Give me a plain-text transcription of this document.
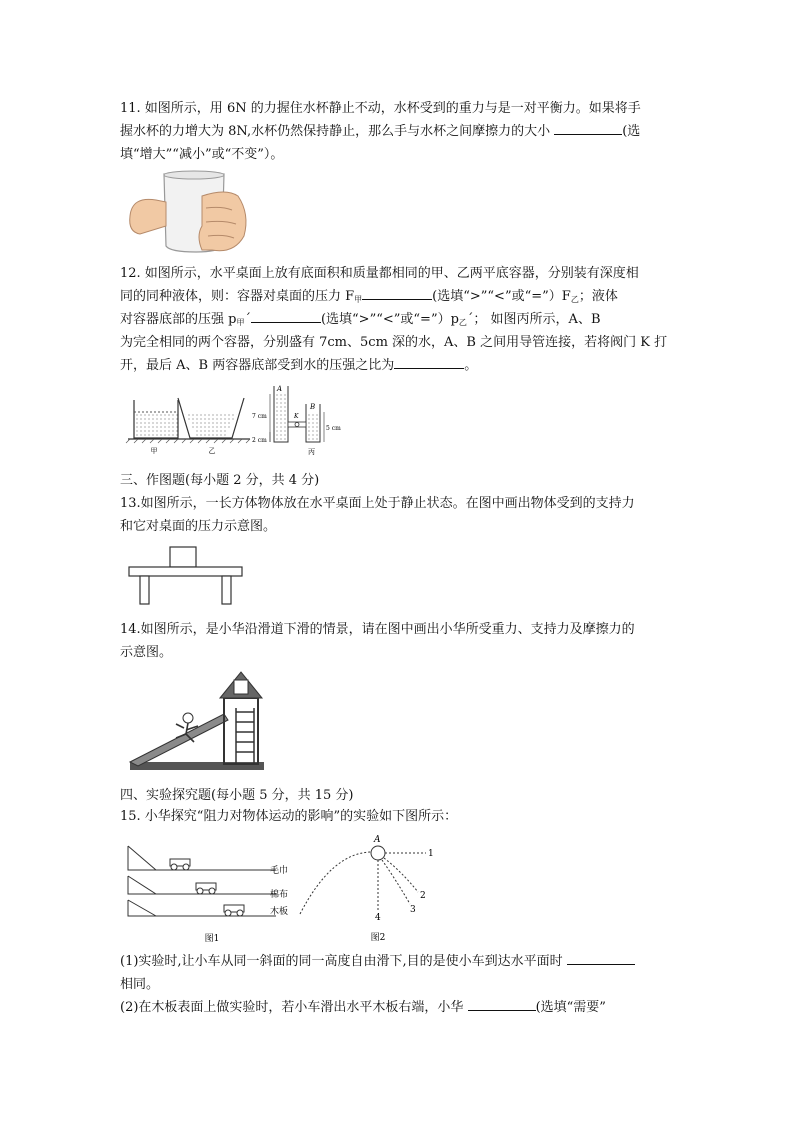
11. 如图所示，用 6N 的力握住水杯静止不动，水杯受到的重力与是一对平衡力。如果将手

握水杯的力增大为 8N,水杯仍然保持静止，那么手与水杯之间摩擦力的大小	(选

填“增大”“减小”或“不变”）。

12. 如图所示，水平桌面上放有底面积和质量都相同的甲、乙两平底容器，分别装有深度相

同的同种液体，则：容器对桌面的压力 $F_甲$	(选填“>”“<”或“$=”)F_乙$；液体

对容器底部的压强 $p_甲´$	(选填“>”“<”或“$=”)p_乙´$； 如图丙所示，A、B

为完全相同的两个容器，分别盛有 7cm、5cm 深的水，A、B 之间用导管连接，若将阀门 K 打

开，最后 A、B 两容器底部受到水的压强之比为	。

甲	乙
A
B
K
7 cm
5 cm
2 cm
丙

三、作图题(每小题 2 分，共 4 分)

13.如图所示，一长方体物体放在水平桌面上处于静止状态。在图中画出物体受到的支持力

和它对桌面的压力示意图。

14.如图所示，是小华沿滑道下滑的情景，请在图中画出小华所受重力、支持力及摩擦力的

示意图。

四、实验探究题(每小题 5 分，共 15 分)

15. 小华探究“阻力对物体运动的影响”的实验如下图所示：

毛巾
棉布
木板
图1
A
1
2
3
4
图2

(1)实验时,让小车从同一斜面的同一高度自由滑下,目的是使小车到达水平面时

相同。

(2)在木板表面上做实验时，若小车滑出水平木板右端，小华	(选填“需要”
